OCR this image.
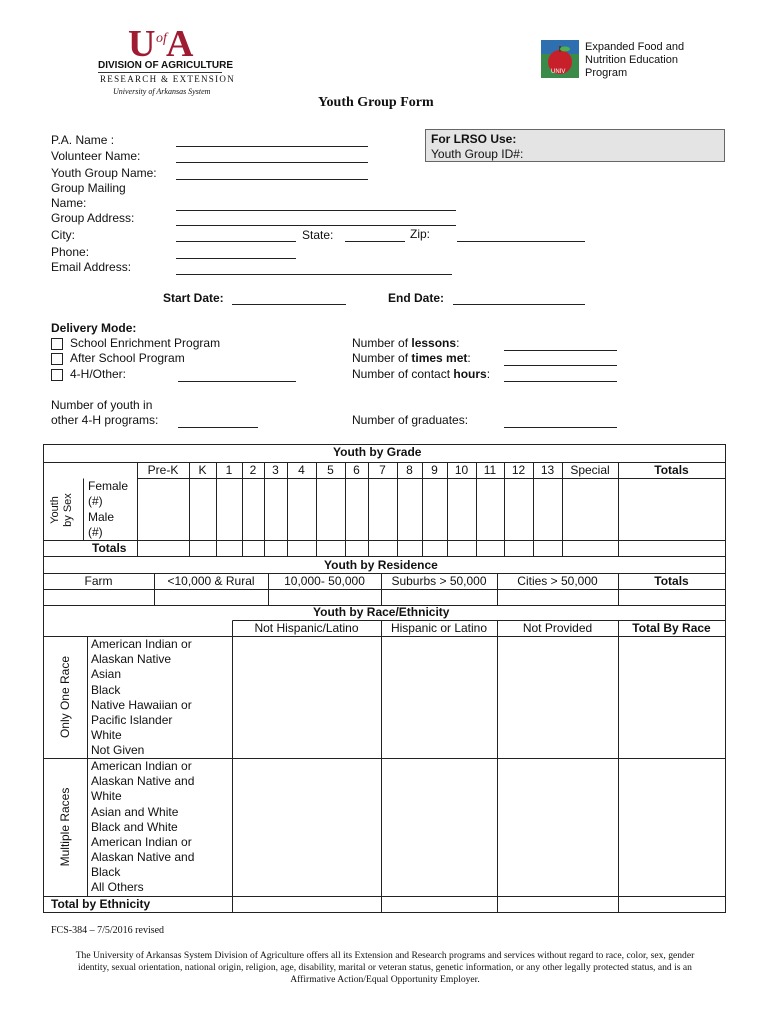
U of A
DIVISION OF AGRICULTURE
RESEARCH & EXTENSION
University of Arkansas System
UNIV
Expanded Food and
Nutrition Education
Program
Youth Group Form
P.A. Name :
Volunteer Name:
Youth Group Name:
Group Mailing
Name:
Group Address:
City:	State:	Zip:
Phone:
Email Address:
For LRSO Use:
Youth Group ID#:
Start Date:	End Date:
Delivery Mode:
School Enrichment Program
After School Program
4-H/Other:
Number of lessons:
Number of times met:
Number of contact hours:
Number of youth in
other 4-H programs:	Number of graduates:
Youth by Grade
Pre-K	K	1	2	3	4	5	6	7	8	9	10	11	12	13	Special	Totals
Youth
by Sex
Female
(#)
Male
(#)
Totals
Youth by Residence
Farm	<10,000 & Rural	10,000- 50,000	Suburbs > 50,000	Cities > 50,000	Totals
Youth by Race/Ethnicity
Not Hispanic/Latino	Hispanic or Latino	Not Provided	Total By Race
Only One Race
Multiple Races
American Indian or
Alaskan Native
Asian
Black
Native Hawaiian or
Pacific Islander
White
Not Given
American Indian or
Alaskan Native and
White
Asian and White
Black and White
American Indian or
Alaskan Native and
Black
All Others
Total by Ethnicity
FCS-384 – 7/5/2016 revised
The University of Arkansas System Division of Agriculture offers all its Extension and Research programs and services without regard to race, color, sex, gender
identity, sexual orientation, national origin, religion, age, disability, marital or veteran status, genetic information, or any other legally protected status, and is an
Affirmative Action/Equal Opportunity Employer.
